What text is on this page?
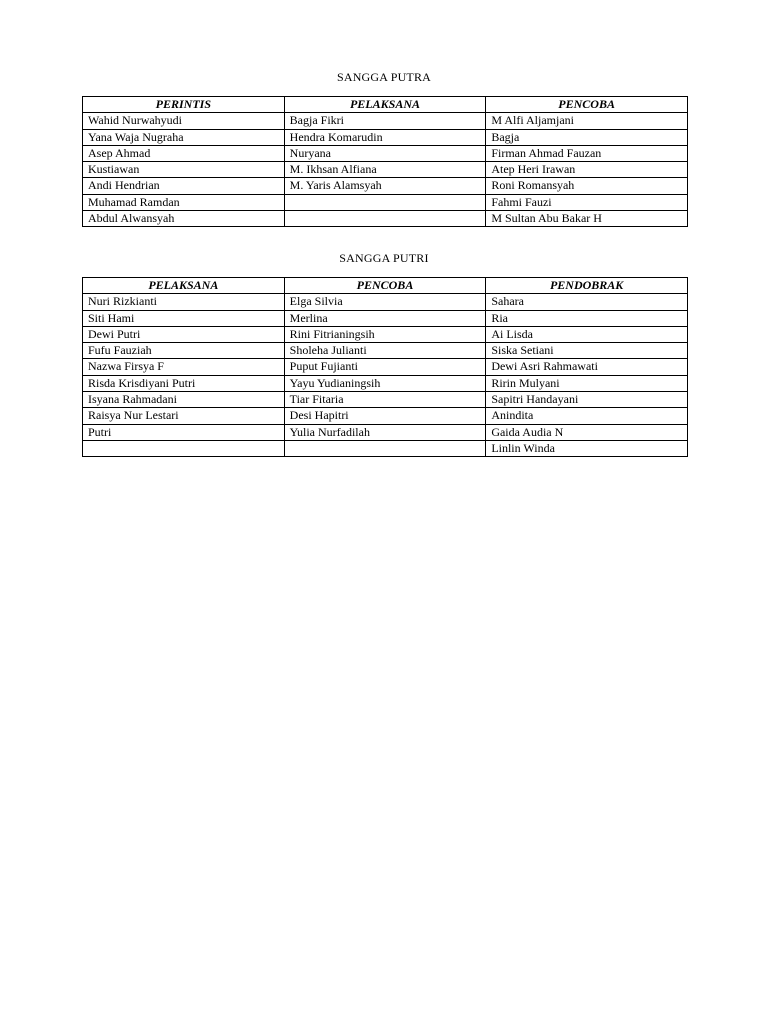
SANGGA PUTRA
PERINTIS	PELAKSANA	PENCOBA
Wahid Nurwahyudi	Bagja Fikri	M Alfi Aljamjani
Yana Waja Nugraha	Hendra Komarudin	Bagja
Asep Ahmad	Nuryana	Firman Ahmad Fauzan
Kustiawan	M. Ikhsan Alfiana	Atep Heri Irawan
Andi Hendrian	M. Yaris Alamsyah	Roni Romansyah
Muhamad Ramdan		Fahmi Fauzi
Abdul Alwansyah		M Sultan Abu Bakar H
SANGGA PUTRI
PELAKSANA	PENCOBA	PENDOBRAK
Nuri Rizkianti	Elga Silvia	Sahara
Siti Hami	Merlina	Ria
Dewi Putri	Rini Fitrianingsih	Ai Lisda
Fufu Fauziah	Sholeha Julianti	Siska Setiani
Nazwa Firsya F	Puput Fujianti	Dewi Asri Rahmawati
Risda Krisdiyani Putri	Yayu Yudianingsih	Ririn Mulyani
Isyana Rahmadani	Tiar Fitaria	Sapitri Handayani
Raisya Nur Lestari	Desi Hapitri	Anindita
Putri	Yulia Nurfadilah	Gaida Audia N
		Linlin Winda
